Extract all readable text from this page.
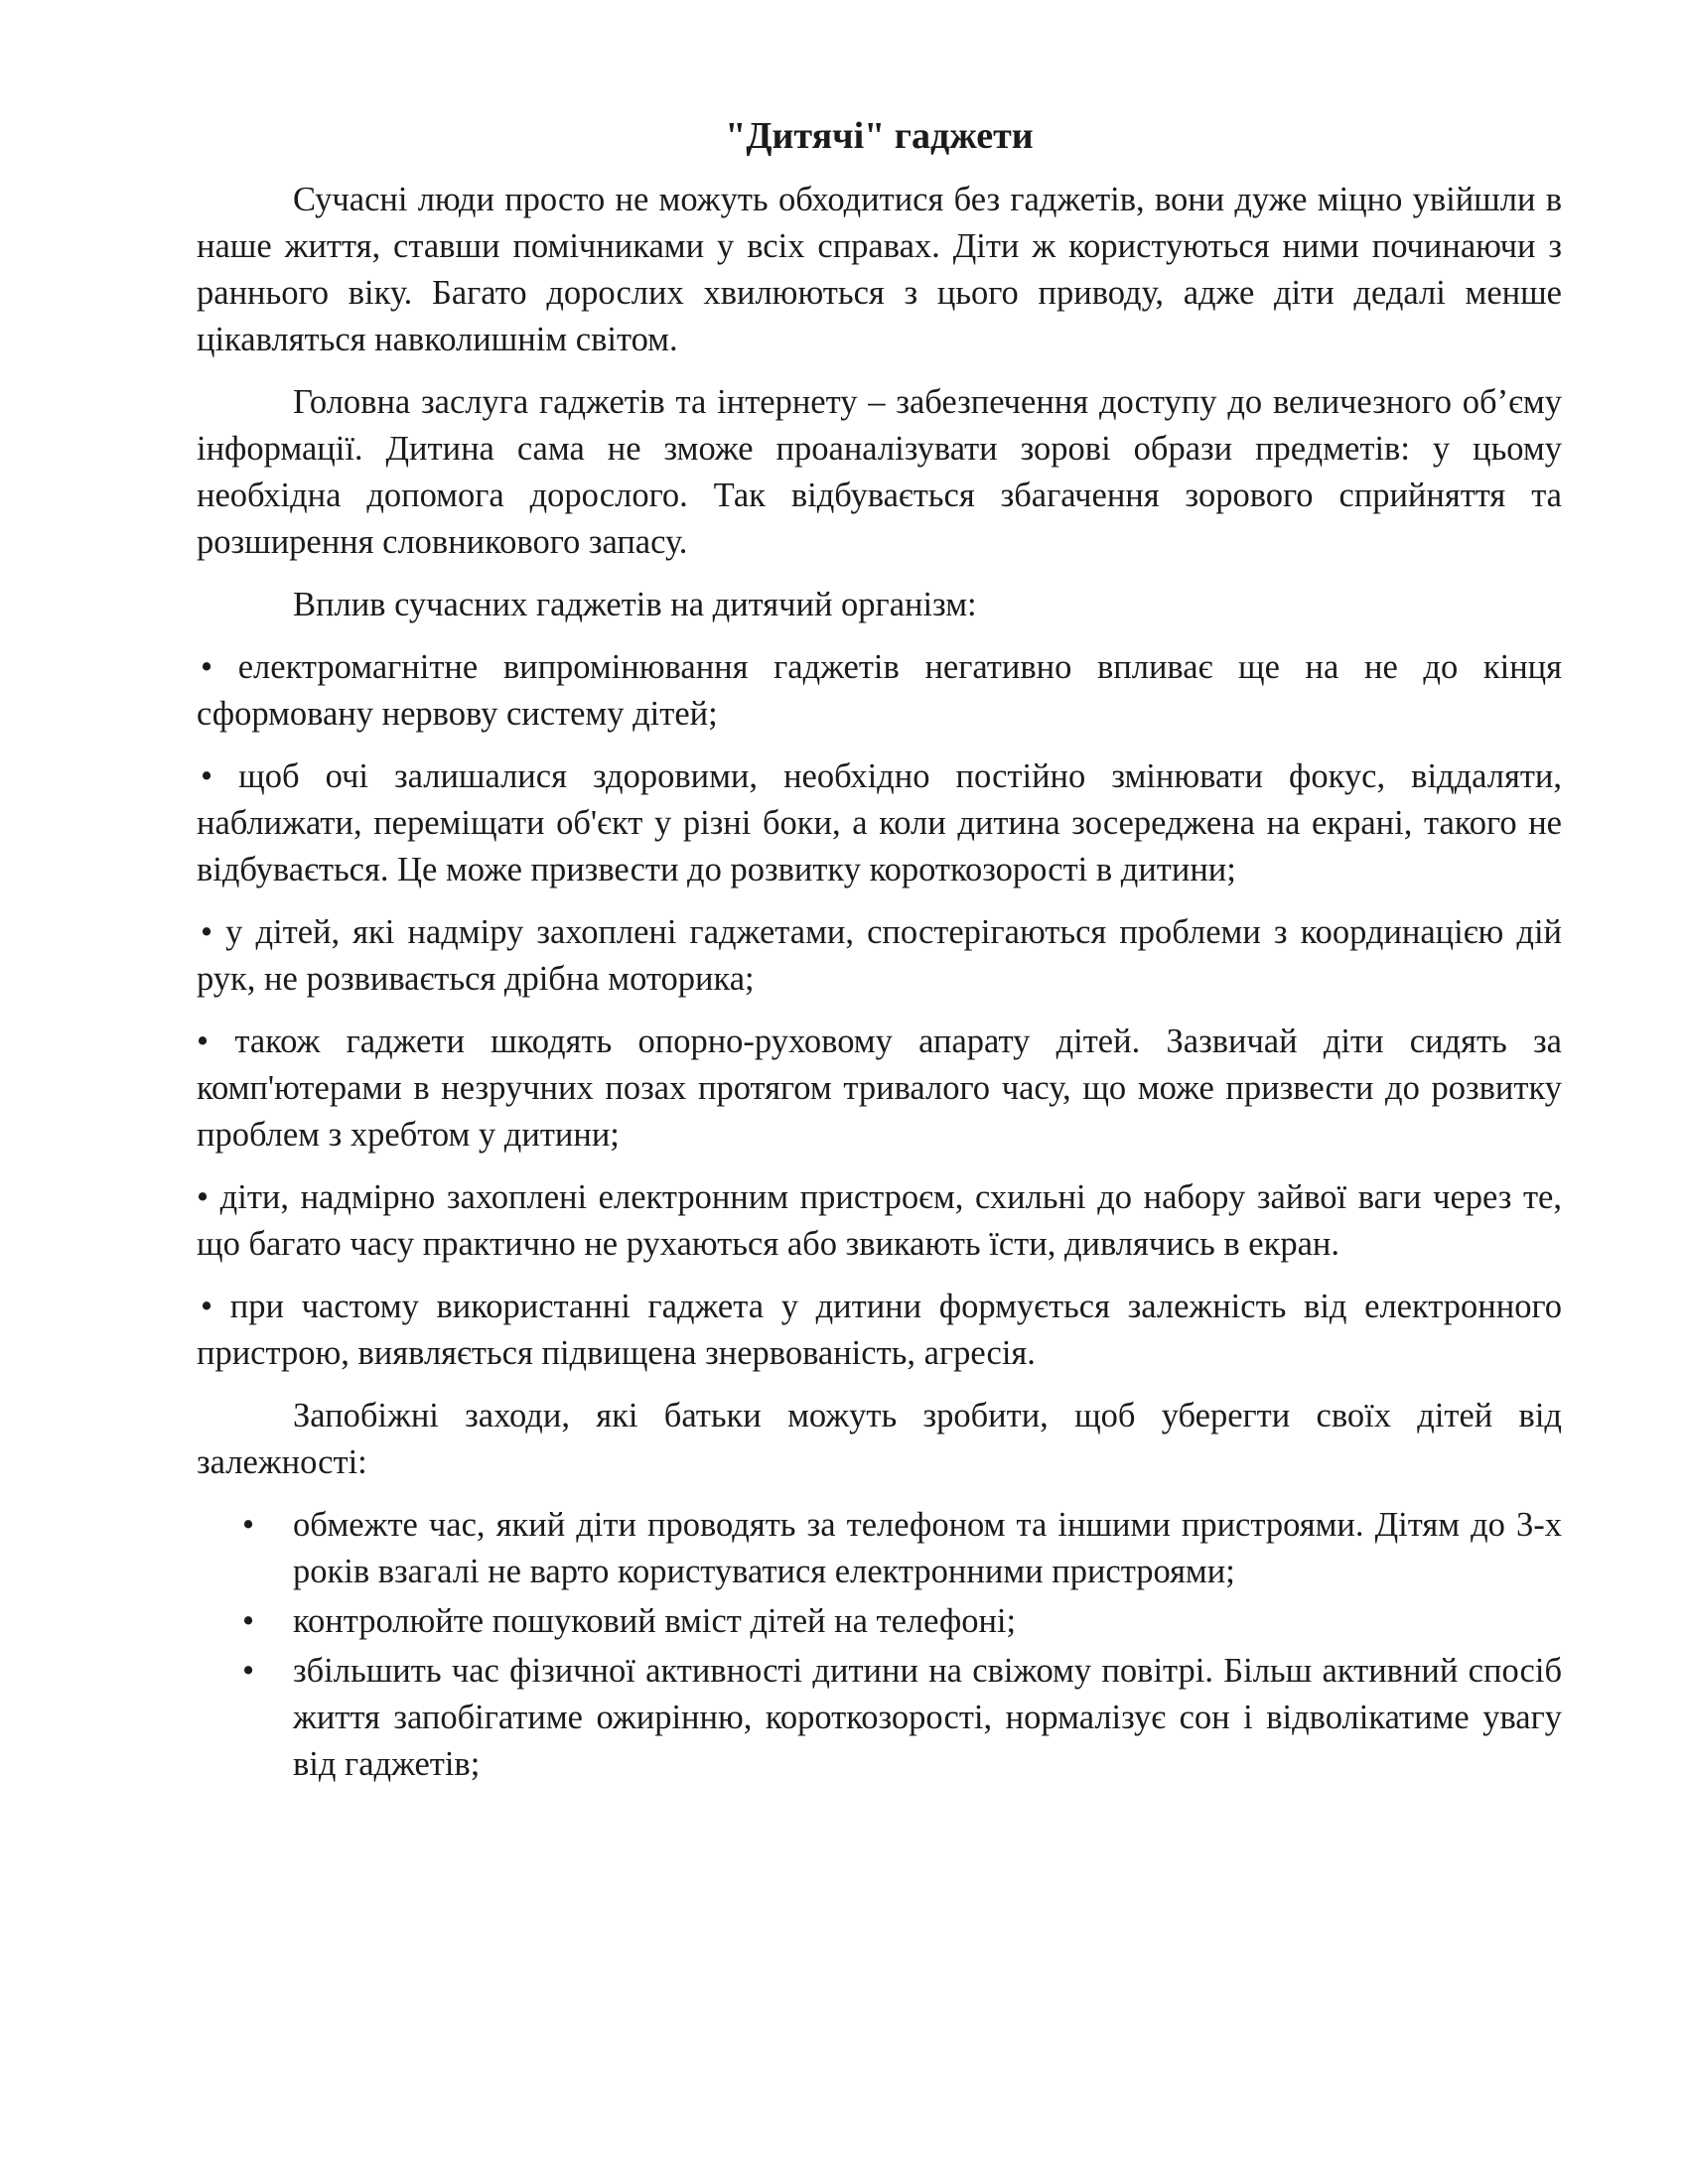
"Дитячі" гаджети

Сучасні люди просто не можуть обходитися без гаджетів, вони дуже міцно увійшли в наше життя, ставши помічниками у всіх справах. Діти ж користуються ними починаючи з раннього віку. Багато дорослих хвилюються з цього приводу, адже діти дедалі менше цікавляться навколишнім світом.

Головна заслуга гаджетів та інтернету – забезпечення доступу до величезного об’єму інформації. Дитина сама не зможе проаналізувати зорові образи предметів: у цьому необхідна допомога дорослого. Так відбувається збагачення зорового сприйняття та розширення словникового запасу.

Вплив сучасних гаджетів на дитячий організм:

• електромагнітне випромінювання гаджетів негативно впливає ще на не до кінця сформовану нервову систему дітей;

• щоб очі залишалися здоровими, необхідно постійно змінювати фокус, віддаляти, наближати, переміщати об'єкт у різні боки, а коли дитина зосереджена на екрані, такого не відбувається. Це може призвести до розвитку короткозорості в дитини;

• у дітей, які надміру захоплені гаджетами, спостерігаються проблеми з координацією дій рук, не розвивається дрібна моторика;

• також гаджети шкодять опорно-руховому апарату дітей. Зазвичай діти сидять за комп'ютерами в незручних позах протягом тривалого часу, що може призвести до розвитку проблем з хребтом у дитини;

• діти, надмірно захоплені електронним пристроєм, схильні до набору зайвої ваги через те, що багато часу практично не рухаються або звикають їсти, дивлячись в екран.

• при частому використанні гаджета у дитини формується залежність від електронного пристрою, виявляється підвищена знервованість, агресія.

Запобіжні заходи, які батьки можуть зробити, щоб уберегти своїх дітей від залежності:

• обмежте час, який діти проводять за телефоном та іншими пристроями. Дітям до 3-х років взагалі не варто користуватися електронними пристроями;
• контролюйте пошуковий вміст дітей на телефоні;
• збільшить час фізичної активності дитини на свіжому повітрі. Більш активний спосіб життя запобігатиме ожирінню, короткозорості, нормалізує сон і відволікатиме увагу від гаджетів;
